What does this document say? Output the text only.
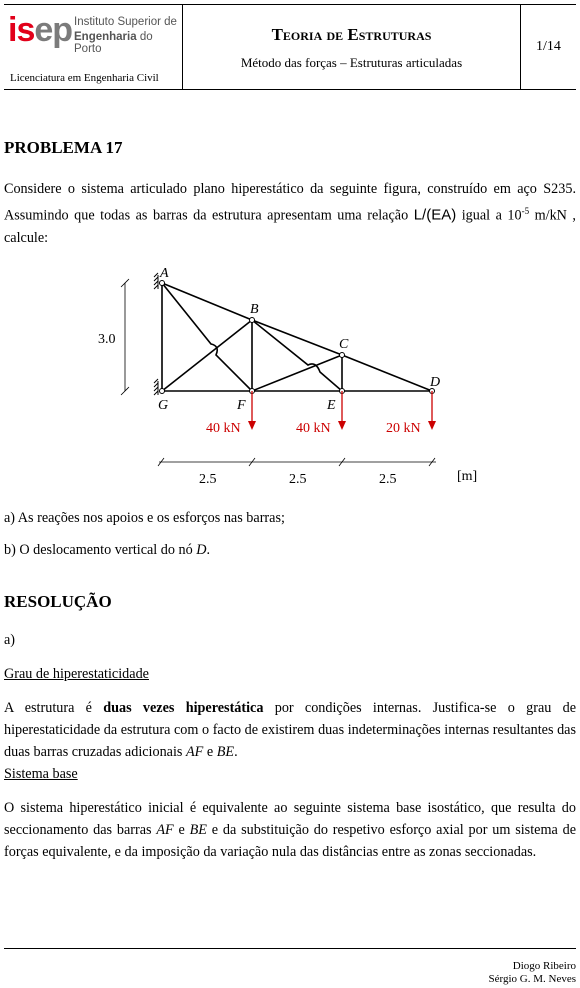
isep Instituto Superior de
Engenharia do Porto
Licenciatura em Engenharia Civil
Teoria de Estruturas
Método das forças – Estruturas articuladas
1/14
PROBLEMA 17
Considere o sistema articulado plano hiperestático da seguinte figura, construído em aço S235. Assumindo que todas as barras da estrutura apresentam uma relação L/(EA) igual a $10^{-5}$ m/kN , calcule:
A
B
C
D
E
F
G
3.0
40 kN	40 kN	20 kN
2.5	2.5	2.5	[m]
a) As reações nos apoios e os esforços nas barras;
b) O deslocamento vertical do nó D.
RESOLUÇÃO
a)
Grau de hiperestaticidade
A estrutura é duas vezes hiperestática por condições internas. Justifica-se o grau de hiperestaticidade da estrutura com o facto de existirem duas indeterminações internas resultantes das duas barras cruzadas adicionais AF e BE.
Sistema base
O sistema hiperestático inicial é equivalente ao seguinte sistema base isostático, que resulta do seccionamento das barras AF e BE e da substituição do respetivo esforço axial por um sistema de forças equivalente, e da imposição da variação nula das distâncias entre as zonas seccionadas.
Diogo Ribeiro
Sérgio G. M. Neves
